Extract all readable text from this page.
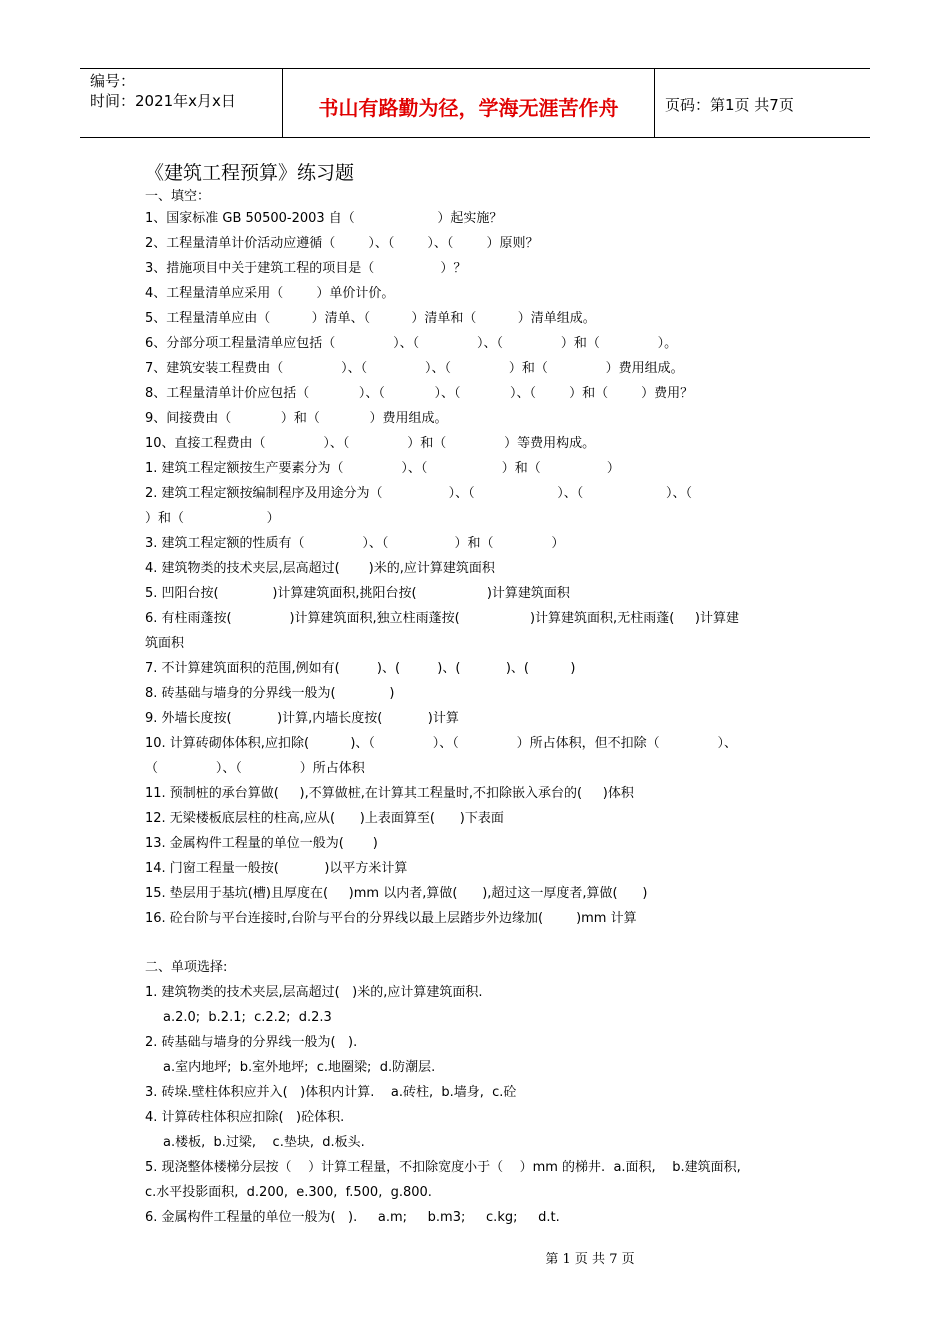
编号：
时间：2021年x月x日	书山有路勤为径，学海无涯苦作舟	页码：第1页 共7页
《建筑工程预算》练习题
一、填空：
1、国家标准 GB 50500-2003 自（                    ）起实施？
2、工程量清单计价活动应遵循（        ）、（        ）、（        ）原则？
3、措施项目中关于建筑工程的项目是（                ）？
4、工程量清单应采用（        ）单价计价。
5、工程量清单应由（          ）清单、（          ）清单和（          ）清单组成。
6、分部分项工程量清单应包括（              ）、（              ）、（              ）和（              ）。
7、建筑安装工程费由（              ）、（              ）、（              ）和（              ）费用组成。
8、工程量清单计价应包括（            ）、（            ）、（            ）、（        ）和（        ）费用？
9、间接费由（            ）和（            ）费用组成。
10、直接工程费由（              ）、（              ）和（              ）等费用构成。
1. 建筑工程定额按生产要素分为（              ）、（                  ）和（                ）
2. 建筑工程定额按编制程序及用途分为（                ）、（                    ）、（                    ）、（
）和（                    ）
3. 建筑工程定额的性质有（              ）、（                ）和（              ）
4. 建筑物类的技术夹层,层高超过(       )米的,应计算建筑面积
5. 凹阳台按(             )计算建筑面积,挑阳台按(                 )计算建筑面积
6. 有柱雨蓬按(              )计算建筑面积,独立柱雨蓬按(                 )计算建筑面积,无柱雨蓬(     )计算建
筑面积
7. 不计算建筑面积的范围,例如有(         )、(         )、(           )、(          )
8. 砖基础与墙身的分界线一般为(             )
9. 外墙长度按(           )计算,内墙长度按(           )计算
10. 计算砖砌体体积,应扣除(          )、（              ）、（              ）所占体积，但不扣除（              ）、
（              ）、（              ）所占体积
11. 预制桩的承台算做(     ),不算做桩,在计算其工程量时,不扣除嵌入承台的(     )体积
12. 无梁楼板底层柱的柱高,应从(      )上表面算至(      )下表面
13. 金属构件工程量的单位一般为(       )
14. 门窗工程量一般按(           )以平方米计算
15. 垫层用于基坑(槽)且厚度在(     )mm 以内者,算做(      ),超过这一厚度者,算做(      )
16. 砼台阶与平台连接时,台阶与平台的分界线以最上层踏步外边缘加(        )mm 计算
二、单项选择:
1. 建筑物类的技术夹层,层高超过(   )米的,应计算建筑面积.
a.2.0;  b.2.1;  c.2.2;  d.2.3
2. 砖基础与墙身的分界线一般为(   ).
a.室内地坪;  b.室外地坪;  c.地圈梁;  d.防潮层.
3. 砖垛.壁柱体积应并入(   )体积内计算.    a.砖柱,  b.墙身,  c.砼
4. 计算砖柱体积应扣除(   )砼体积.
a.楼板,  b.过梁,    c.垫块,  d.板头.
5. 现浇整体楼梯分层按（    ）计算工程量，不扣除宽度小于（    ）mm 的梯井.  a.面积,    b.建筑面积,
c.水平投影面积,  d.200,  e.300,  f.500,  g.800.
6. 金属构件工程量的单位一般为(   ).     a.m;     b.m3;     c.kg;     d.t.
第 1 页 共 7 页
